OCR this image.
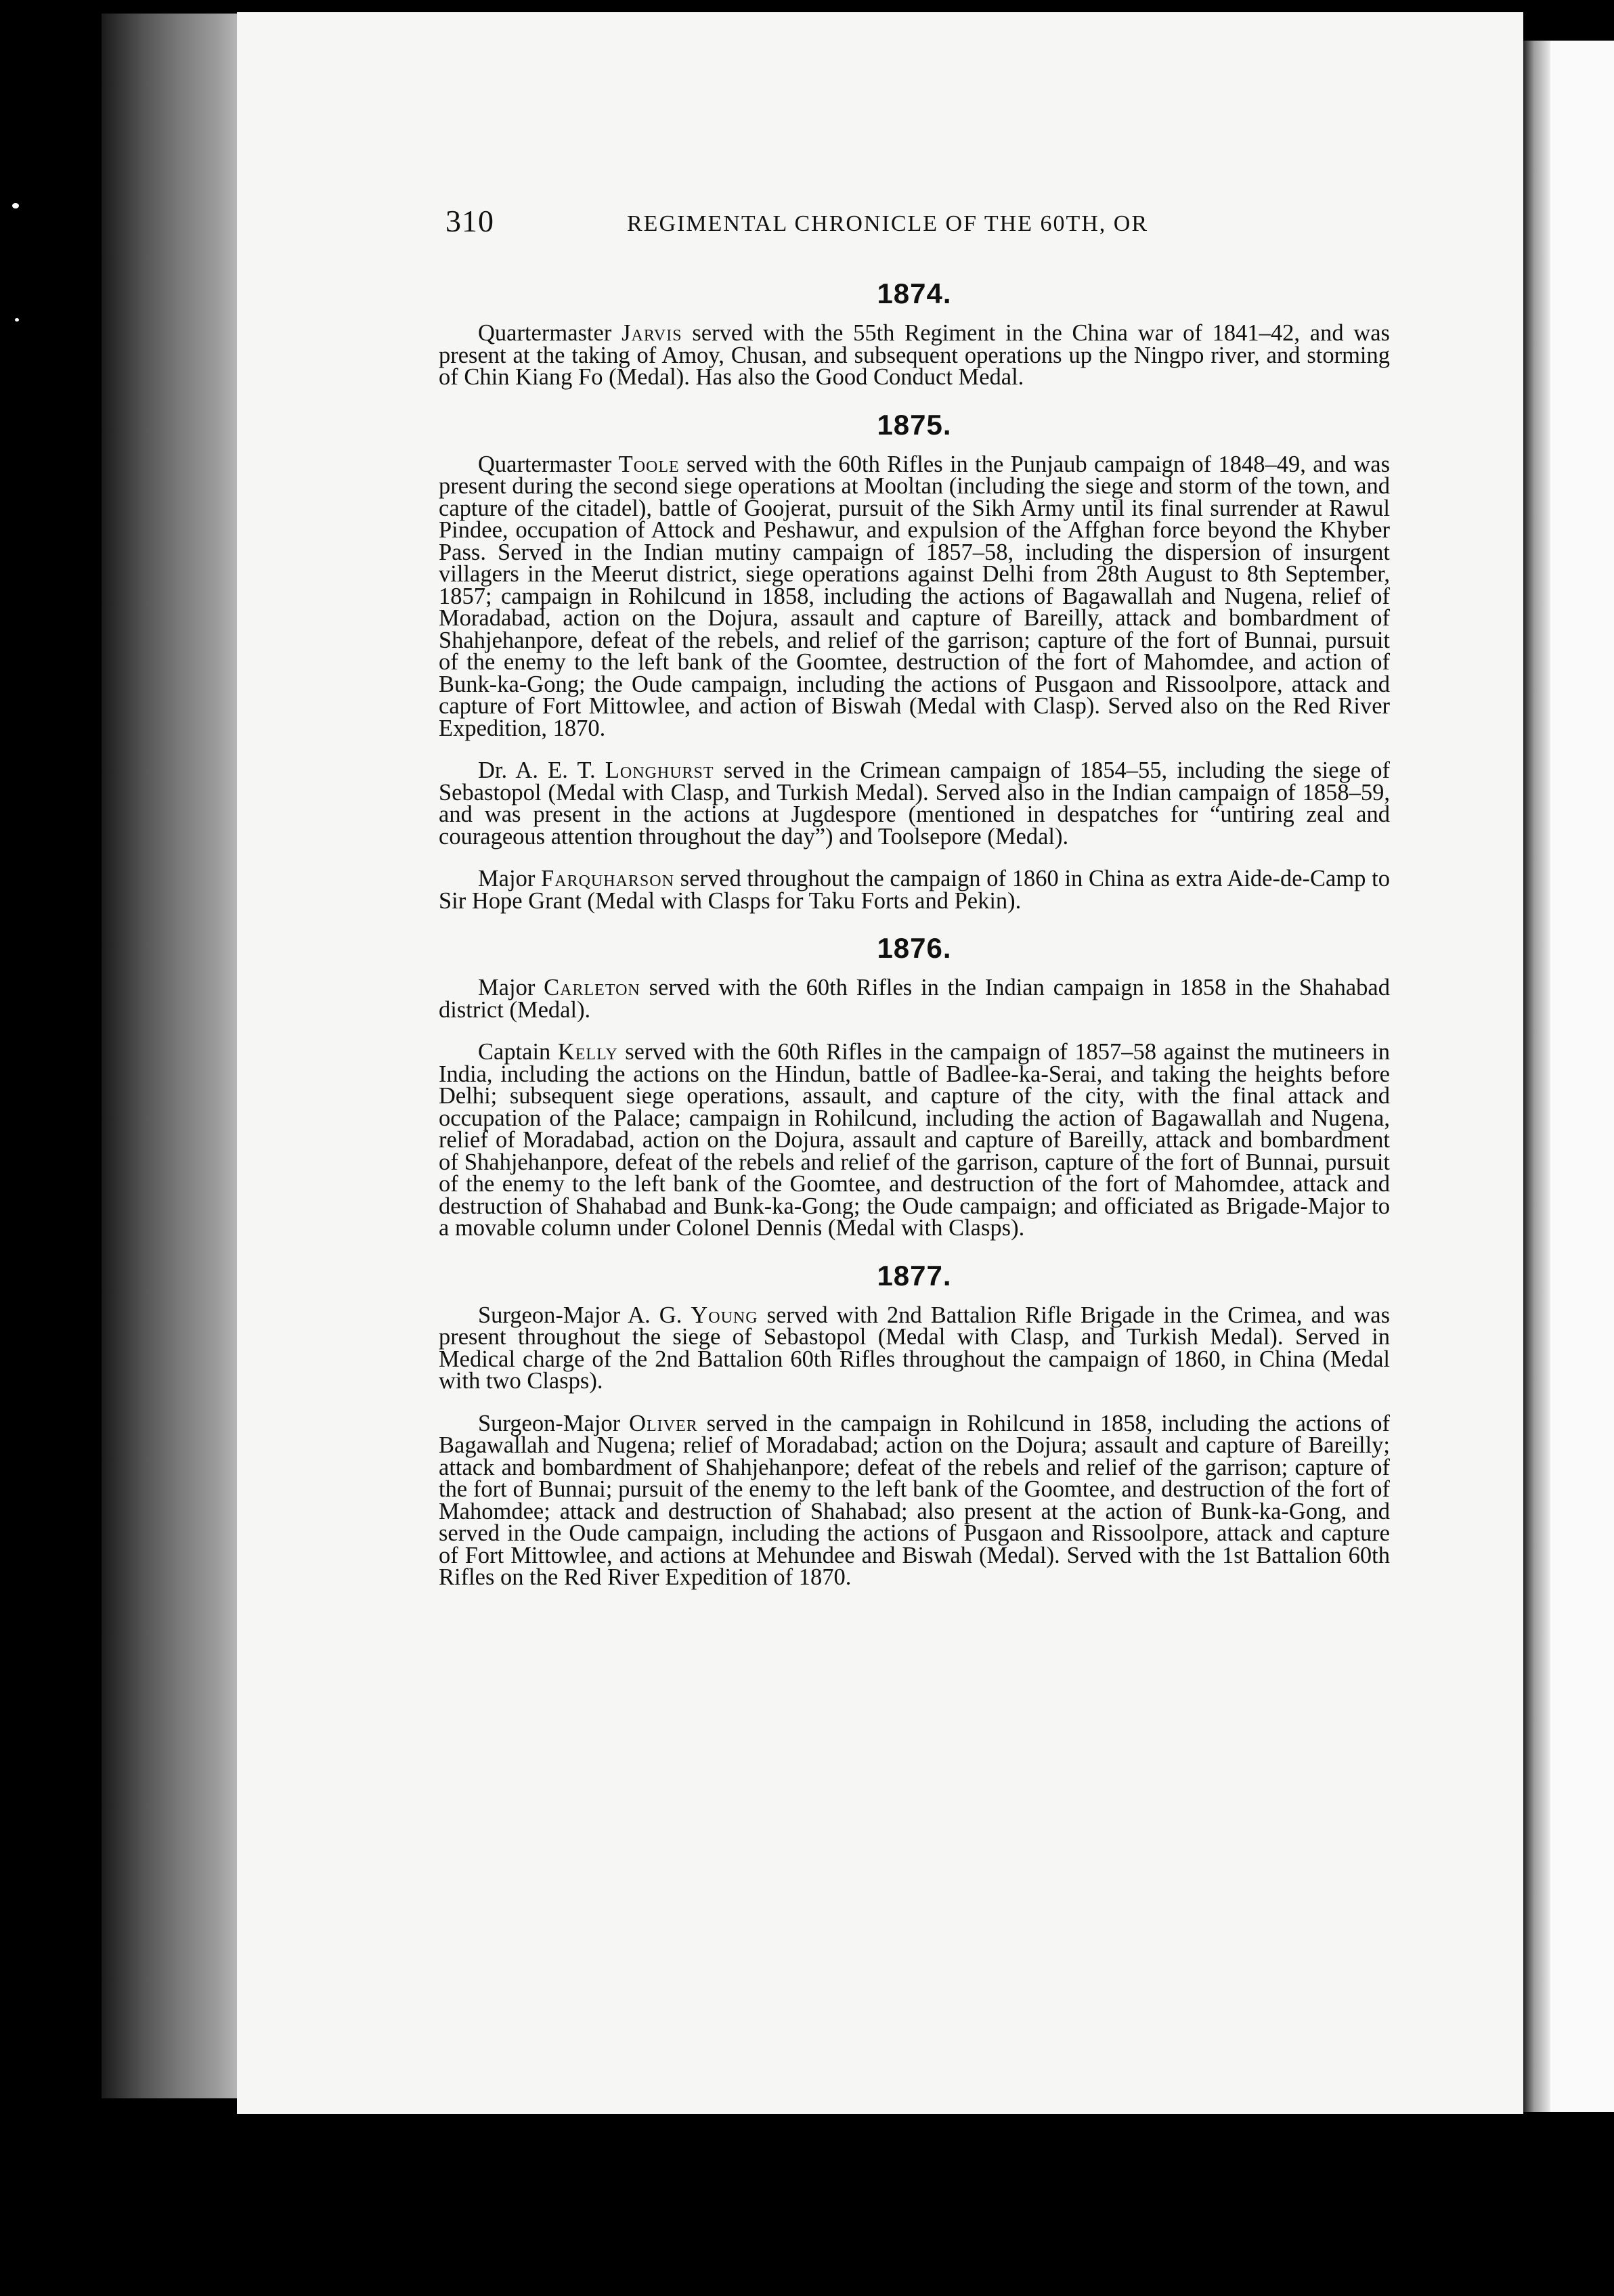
310	REGIMENTAL CHRONICLE OF THE 60TH, OR
1874.

Quartermaster Jarvis served with the 55th Regiment in the China war of 1841–42, and was present at the taking of Amoy, Chusan, and subsequent operations up the Ningpo river, and storming of Chin Kiang Fo (Medal). Has also the Good Conduct Medal.

1875.

Quartermaster Toole served with the 60th Rifles in the Punjaub campaign of 1848–49, and was present during the second siege operations at Mooltan (including the siege and storm of the town, and capture of the citadel), battle of Goojerat, pursuit of the Sikh Army until its final surrender at Rawul Pindee, occupation of Attock and Peshawur, and expulsion of the Affghan force beyond the Khyber Pass. Served in the Indian mutiny campaign of 1857–58, including the dispersion of insurgent villagers in the Meerut district, siege operations against Delhi from 28th August to 8th September, 1857; campaign in Rohilcund in 1858, including the actions of Bagawallah and Nugena, relief of Moradabad, action on the Dojura, assault and capture of Bareilly, attack and bombardment of Shahjehanpore, defeat of the rebels, and relief of the garrison; capture of the fort of Bunnai, pursuit of the enemy to the left bank of the Goomtee, destruction of the fort of Mahomdee, and action of Bunk-ka-Gong; the Oude campaign, including the actions of Pusgaon and Rissoolpore, attack and capture of Fort Mittowlee, and action of Biswah (Medal with Clasp). Served also on the Red River Expedition, 1870.

Dr. A. E. T. Longhurst served in the Crimean campaign of 1854–55, including the siege of Sebastopol (Medal with Clasp, and Turkish Medal). Served also in the Indian campaign of 1858–59, and was present in the actions at Jugdespore (mentioned in despatches for “untiring zeal and courageous attention throughout the day”) and Toolsepore (Medal).

Major Farquharson served throughout the campaign of 1860 in China as extra Aide-de-Camp to Sir Hope Grant (Medal with Clasps for Taku Forts and Pekin).

1876.

Major Carleton served with the 60th Rifles in the Indian campaign in 1858 in the Shahabad district (Medal).

Captain Kelly served with the 60th Rifles in the campaign of 1857–58 against the mutineers in India, including the actions on the Hindun, battle of Badlee-ka-Serai, and taking the heights before Delhi; subsequent siege operations, assault, and capture of the city, with the final attack and occupation of the Palace; campaign in Rohilcund, including the action of Bagawallah and Nugena, relief of Moradabad, action on the Dojura, assault and capture of Bareilly, attack and bombardment of Shahjehanpore, defeat of the rebels and relief of the garrison, capture of the fort of Bunnai, pursuit of the enemy to the left bank of the Goomtee, and destruction of the fort of Mahomdee, attack and destruction of Shahabad and Bunk-ka-Gong; the Oude campaign; and officiated as Brigade-Major to a movable column under Colonel Dennis (Medal with Clasps).

1877.

Surgeon-Major A. G. Young served with 2nd Battalion Rifle Brigade in the Crimea, and was present throughout the siege of Sebastopol (Medal with Clasp, and Turkish Medal). Served in Medical charge of the 2nd Battalion 60th Rifles throughout the campaign of 1860, in China (Medal with two Clasps).

Surgeon-Major Oliver served in the campaign in Rohilcund in 1858, including the actions of Bagawallah and Nugena; relief of Moradabad; action on the Dojura; assault and capture of Bareilly; attack and bombardment of Shahjehanpore; defeat of the rebels and relief of the garrison; capture of the fort of Bunnai; pursuit of the enemy to the left bank of the Goomtee, and destruction of the fort of Mahomdee; attack and destruction of Shahabad; also present at the action of Bunk-ka-Gong, and served in the Oude campaign, including the actions of Pusgaon and Rissoolpore, attack and capture of Fort Mittowlee, and actions at Mehundee and Biswah (Medal). Served with the 1st Battalion 60th Rifles on the Red River Expedition of 1870.
